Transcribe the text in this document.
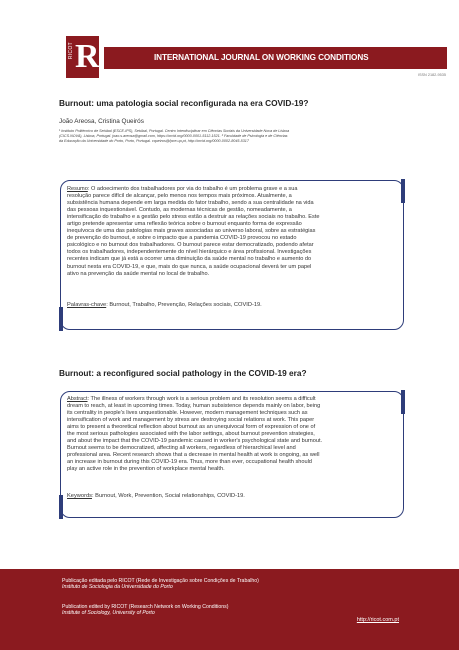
RICOT R	INTERNATIONAL JOURNAL ON WORKING CONDITIONS
ISSN 2182-9535
Burnout: uma patologia social reconfigurada na era COVID-19?
João Areosa, Cristina Queirós
¹ Instituto Politécnico de Setúbal (ESCE-IPS), Setúbal, Portugal. Centro Interdisciplinar em Ciências Sociais da Universidade Nova de Lisboa
(CICS.NOVA), Lisboa, Portugal. joao.s.areosa@gmail.com, https://orcid.org/0000-0001-5112-1521. ² Faculdade de Psicologia e de Ciências
da Educação da Universidade do Porto, Porto, Portugal. cqueiros@fpce.up.pt, http://orcid.org/0000-0002-8045-5317
Resumo: O adoecimento dos trabalhadores por via do trabalho é um problema grave e a sua
resolução parece difícil de alcançar, pelo menos nos tempos mais próximos. Atualmente, a
subsistência humana depende em larga medida do fator trabalho, sendo a sua centralidade na vida
das pessoas inquestionável. Contudo, as modernas técnicas de gestão, nomeadamente, a
intensificação do trabalho e a gestão pelo stress estão a destruir as relações sociais no trabalho. Este
artigo pretende apresentar uma reflexão teórica sobre o burnout enquanto forma de expressão
inequívoca de uma das patologias mais graves associadas ao universo laboral, sobre as estratégias
de prevenção do burnout, e sobre o impacto que a pandemia COVID-19 provocou no estado
psicológico e no burnout dos trabalhadores. O burnout parece estar democratizado, podendo afetar
todos os trabalhadores, independentemente do nível hierárquico e área profissional. Investigações
recentes indicam que já está a ocorrer uma diminuição da saúde mental no trabalho e aumento do
burnout nesta era COVID-19, e que, mais do que nunca, a saúde ocupacional deverá ter um papel
ativo na prevenção da saúde mental no local de trabalho.
Palavras-chave: Burnout, Trabalho, Prevenção, Relações sociais, COVID-19.
Burnout: a reconfigured social pathology in the COVID-19 era?
Abstract: The illness of workers through work is a serious problem and its resolution seems a difficult
dream to reach, at least in upcoming times. Today, human subsistence depends mainly on labor, being
its centrality in people's lives unquestionable. However, modern management techniques such as
intensification of work and management by stress are destroying social relations at work. This paper
aims to present a theoretical reflection about burnout as an unequivocal form of expression of one of
the most serious pathologies associated with the labor settings, about burnout prevention strategies,
and about the impact that the COVID-19 pandemic caused in worker's psychological state and burnout.
Burnout seems to be democratized, affecting all workers, regardless of hierarchical level and
professional area. Recent research shows that a decrease in mental health at work is ongoing, as well
an increase in burnout during this COVID-19 era. Thus, more than ever, occupational health should
play an active role in the prevention of workplace mental health.
Keywords: Burnout, Work, Prevention, Social relationships, COVID-19.
Publicação editada pelo RICOT (Rede de Investigação sobre Condições de Trabalho)
Instituto de Sociologia da Universidade do Porto
Publication edited by RICOT (Research Network on Working Conditions)
Institute of Sociology, University of Porto
http://ricot.com.pt
